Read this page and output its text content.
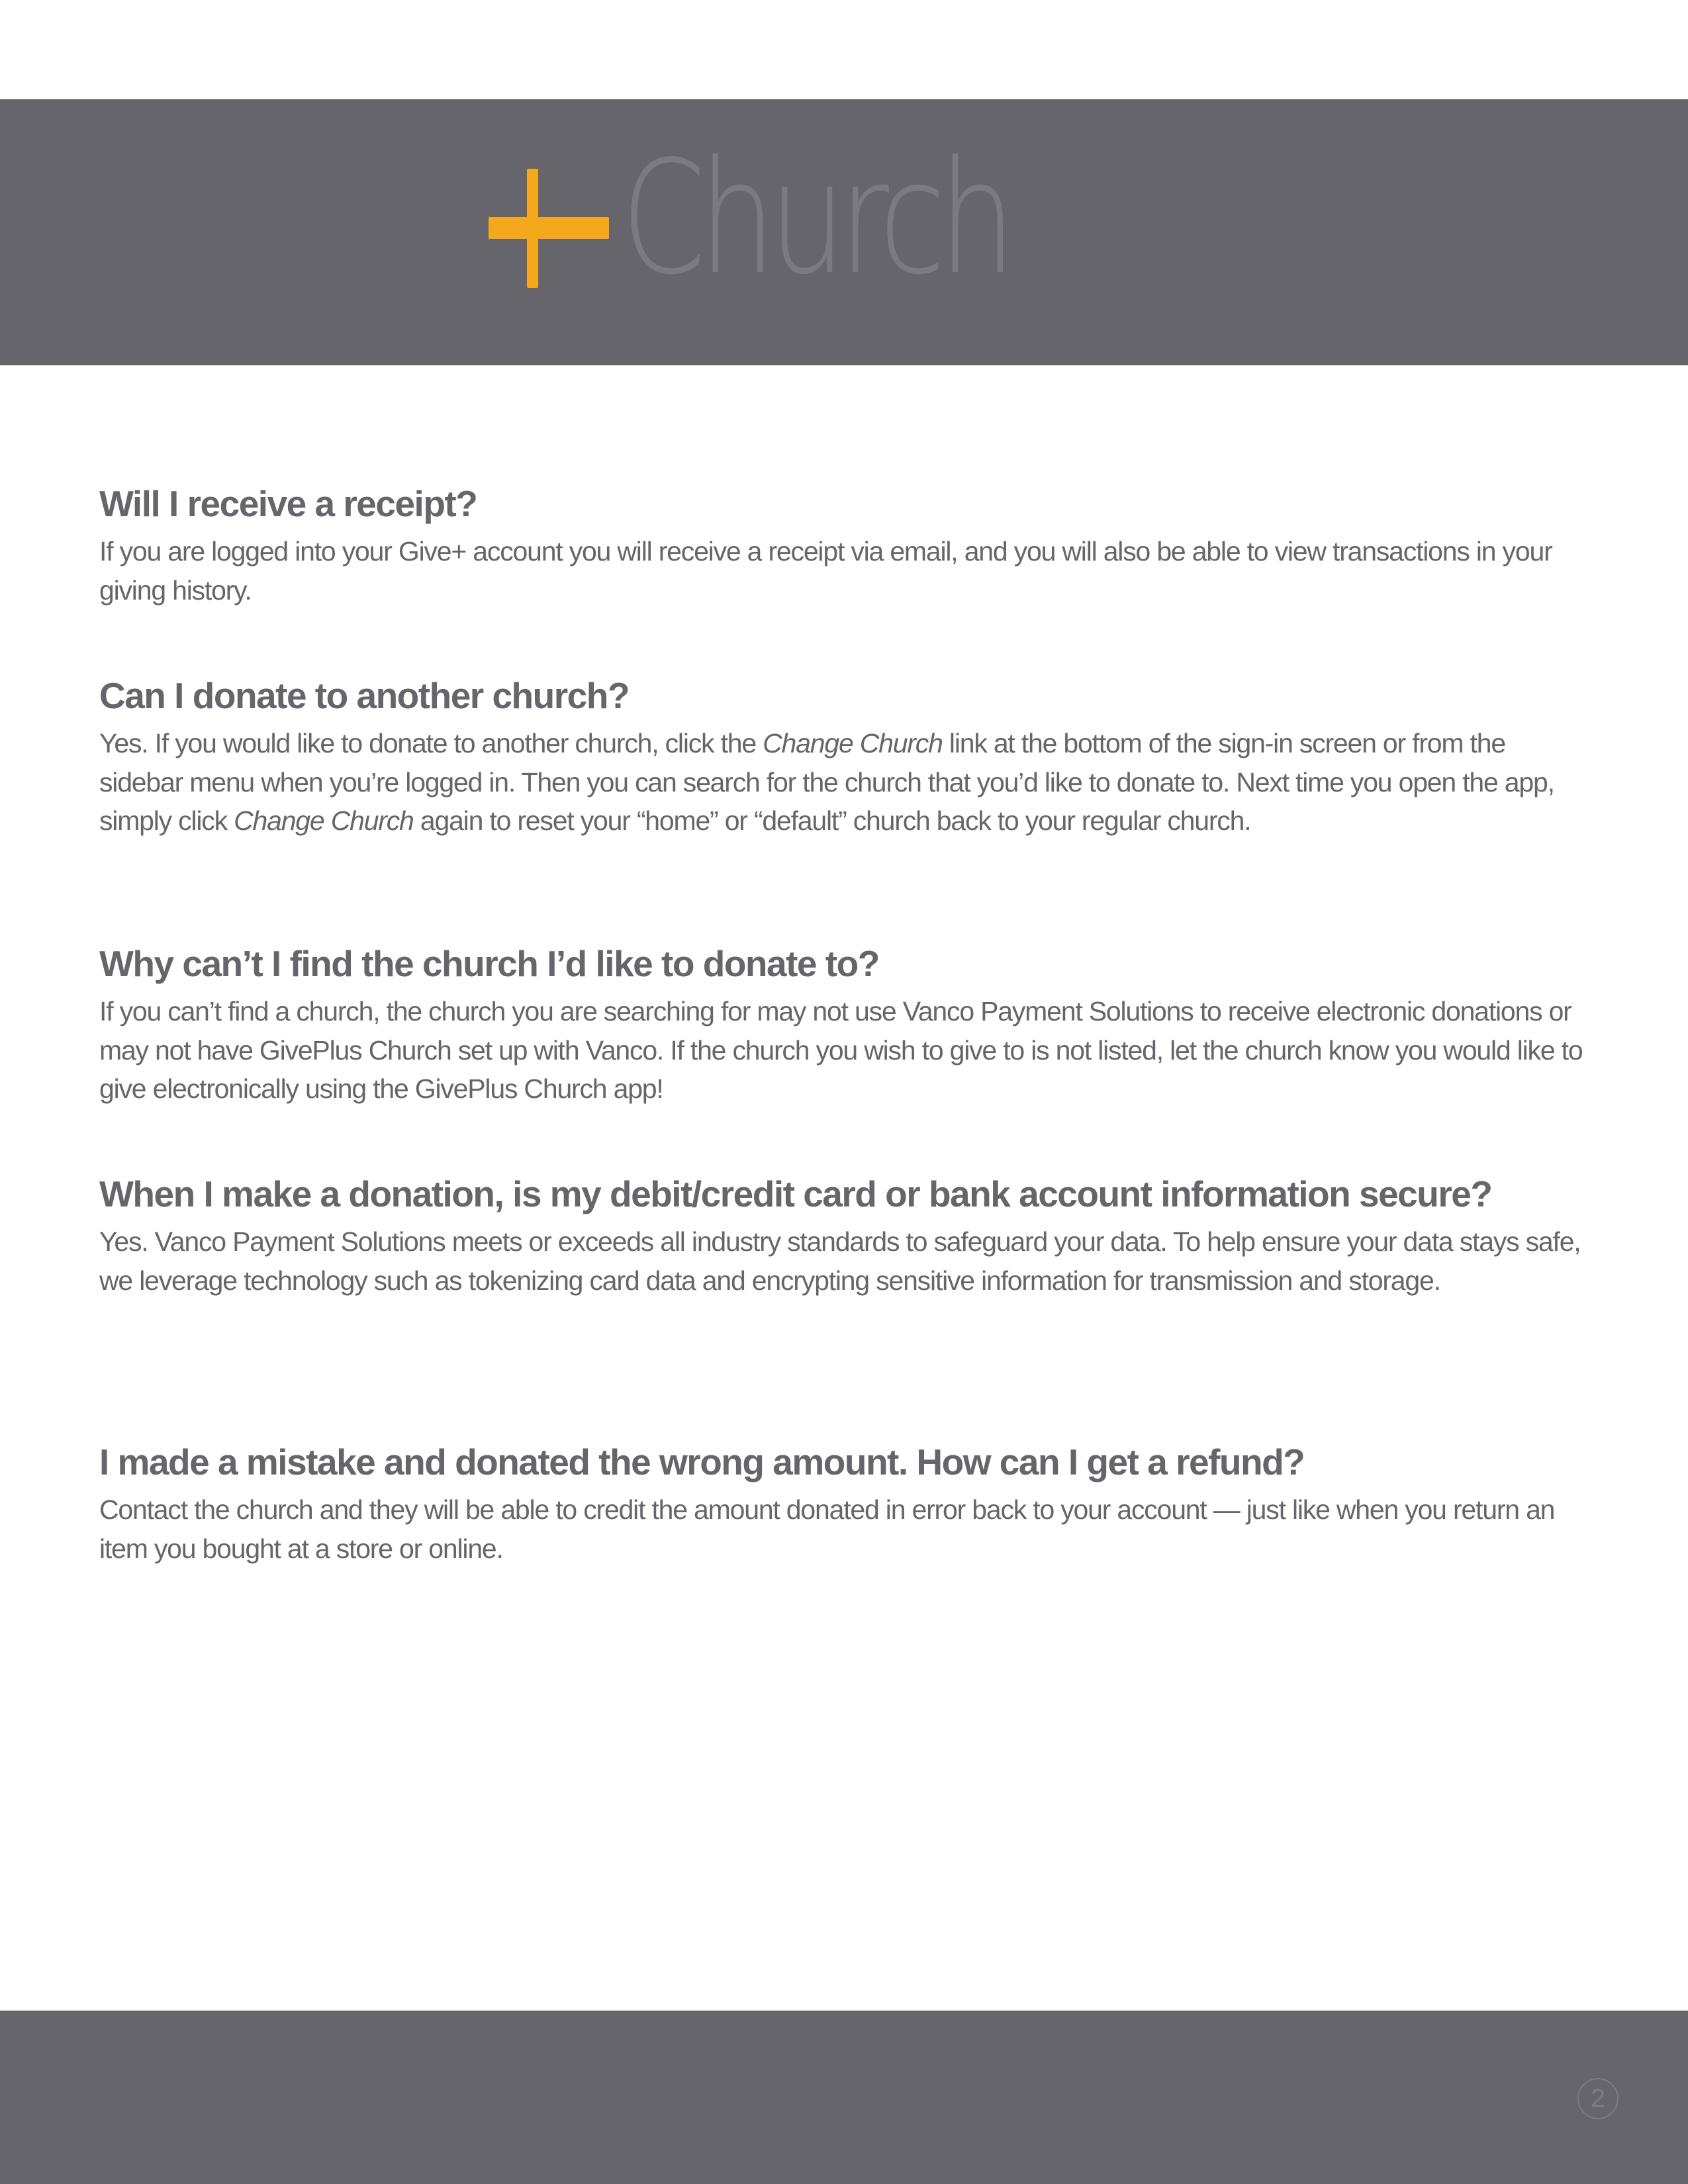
Church
Will I receive a receipt?

If you are logged into your Give+ account you will receive a receipt via email, and you will also be able to view transactions in your giving history.

Can I donate to another church?

Yes. If you would like to donate to another church, click the Change Church link at the bottom of the sign-in screen or from the sidebar menu when you’re logged in. Then you can search for the church that you’d like to donate to. Next time you open the app, simply click Change Church again to reset your “home” or “default” church back to your regular church.

Why can’t I find the church I’d like to donate to?

If you can’t find a church, the church you are searching for may not use Vanco Payment Solutions to receive electronic donations or may not have GivePlus Church set up with Vanco. If the church you wish to give to is not listed, let the church know you would like to give electronically using the GivePlus Church app!

When I make a donation, is my debit/credit card or bank account information secure?

Yes. Vanco Payment Solutions meets or exceeds all industry standards to safeguard your data. To help ensure your data stays safe, we leverage technology such as tokenizing card data and encrypting sensitive information for transmission and storage.

I made a mistake and donated the wrong amount. How can I get a refund?

Contact the church and they will be able to credit the amount donated in error back to your account — just like when you return an item you bought at a store or online.

2
